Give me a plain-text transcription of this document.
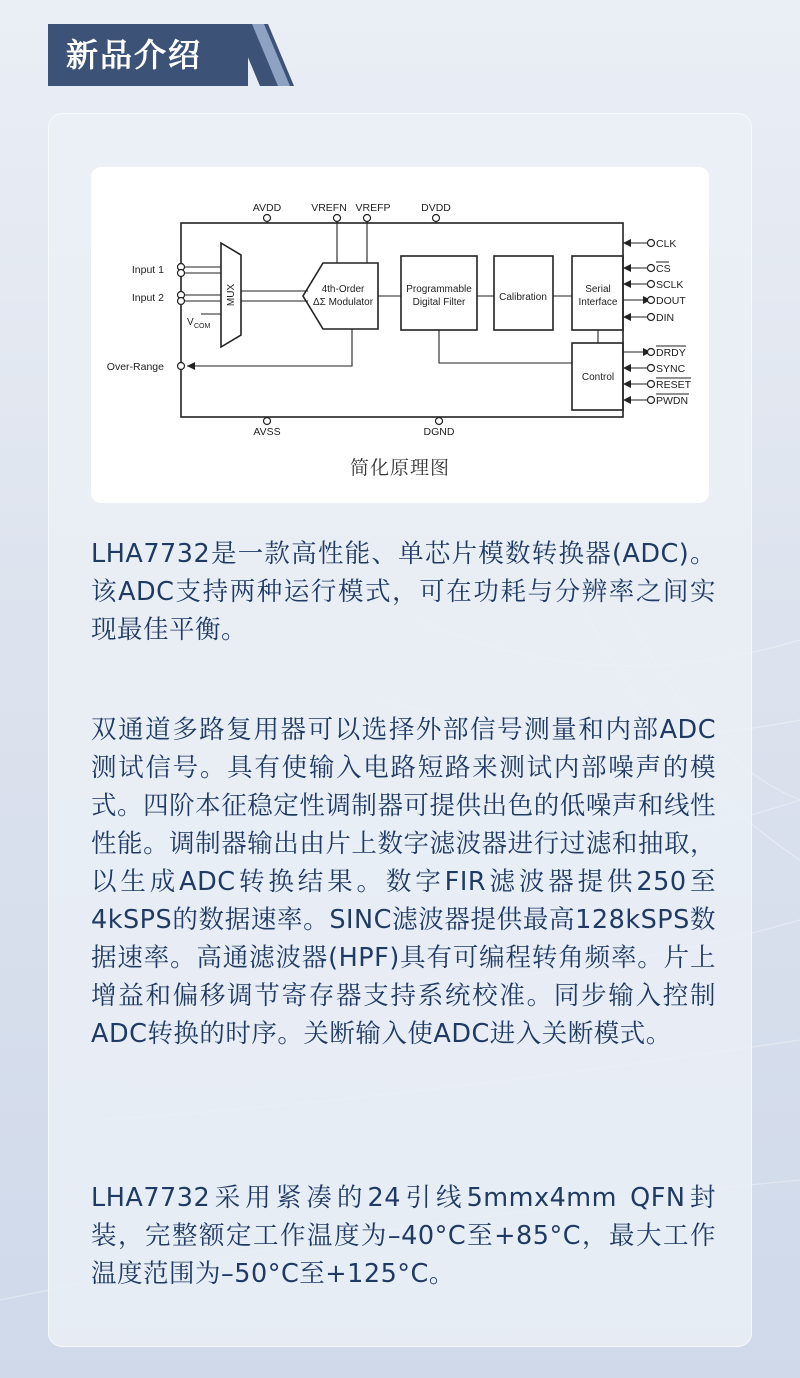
新品介绍
AVDD	VREFN VREFP	DVDD
AVSS	DGND
Input 1
Input 2
Over-Range
V COM
MUX	4th-Order
ΔΣ Modulator
Programmable
Digital Filter	Calibration
Serial
Interface
Control
CLK
CS
SCLK
DOUT
DIN
DRDY
SYNC
RESET
PWDN
简化原理图

LHA7732是一款高性能、单芯片模数转换器(ADC)。该ADC支持两种运行模式，可在功耗与分辨率之间实现最佳平衡。

双通道多路复用器可以选择外部信号测量和内部ADC测试信号。具有使输入电路短路来测试内部噪声的模式。四阶本征稳定性调制器可提供出色的低噪声和线性性能。调制器输出由片上数字滤波器进行过滤和抽取，以生成ADC转换结果。数字FIR滤波器提供250至4kSPS的数据速率。SINC滤波器提供最高128kSPS数据速率。高通滤波器(HPF)具有可编程转角频率。片上增益和偏移调节寄存器支持系统校准。同步输入控制ADC转换的时序。关断输入使ADC进入关断模式。

LHA7732采用紧凑的24引线5mmx4mm QFN封装，完整额定工作温度为–40°C至+85°C，最大工作温度范围为–50°C至+125°C。
